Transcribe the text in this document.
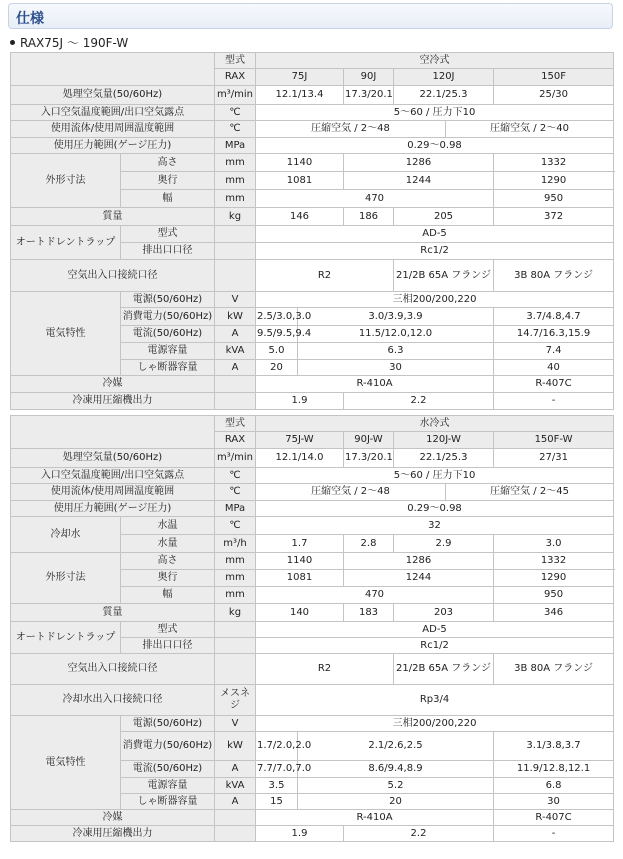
仕様
RAX75J 〜 190F-W
		型式	空冷式						
		RAX	75J		90J	120J		150F	
処理空気量(50/60Hz)		m³/min	12.1/13.4		17.3/20.1	22.1/25.3		25/30	
入口空気温度範囲/出口空気露点		℃	5〜60 / 圧力下10						
使用流体/使用周囲温度範囲		℃	圧縮空気 / 2〜48				圧縮空気 / 2〜40		
使用圧力範囲(ゲージ圧力)		MPa	0.29〜0.98						
外形寸法	高さ	mm	1140		1286			1332	
	奥行	mm	1081		1244			1290	
	幅	mm	470					950	
質量		kg	146		186	205		372	
オートドレントラップ	型式		AD-5						
	排出口口径		Rc1/2						
空気出入口接続口径			R2			21/2B 65A フランジ		3B 80A フランジ	
電気特性	電源(50/60Hz)	V	三相200/200,220						
	消費電力(50/60Hz)	kW	2.5/3.0,3.0	3.0/3.9,3.9				3.7/4.8,4.7	
	電流(50/60Hz)	A	9.5/9.5,9.4	11.5/12.0,12.0				14.7/16.3,15.9	
	電源容量	kVA	5.0	6.3				7.4	
	しゃ断器容量	A	20	30				40	
冷媒			R-410A					R-407C	
冷凍用圧縮機出力			1.9		2.2			-	
		型式	水冷式						
		RAX	75J-W		90J-W	120J-W		150F-W	
処理空気量(50/60Hz)		m³/min	12.1/14.0		17.3/20.1	22.1/25.3		27/31	
入口空気温度範囲/出口空気露点		℃	5〜60 / 圧力下10						
使用流体/使用周囲温度範囲		℃	圧縮空気 / 2〜48				圧縮空気 / 2〜45		
使用圧力範囲(ゲージ圧力)		MPa	0.29〜0.98						
冷却水	水温	℃	32						
	水量	m³/h	1.7		2.8	2.9		3.0	
外形寸法	高さ	mm	1140		1286			1332	
	奥行	mm	1081		1244			1290	
	幅	mm	470					950	
質量		kg	140		183	203		346	
オートドレントラップ	型式		AD-5						
	排出口口径		Rc1/2						
空気出入口接続口径			R2			21/2B 65A フランジ		3B 80A フランジ	
冷却水出入口接続口径		メスネジ	Rp3/4						
電気特性	電源(50/60Hz)	V	三相200/200,220						
	消費電力(50/60Hz)	kW	1.7/2.0,2.0	2.1/2.6,2.5				3.1/3.8,3.7	
	電流(50/60Hz)	A	7.7/7.0,7.0	8.6/9.4,8.9				11.9/12.8,12.1	
	電源容量	kVA	3.5	5.2				6.8	
	しゃ断器容量	A	15	20				30	
冷媒			R-410A					R-407C	
冷凍用圧縮機出力			1.9		2.2			-	
